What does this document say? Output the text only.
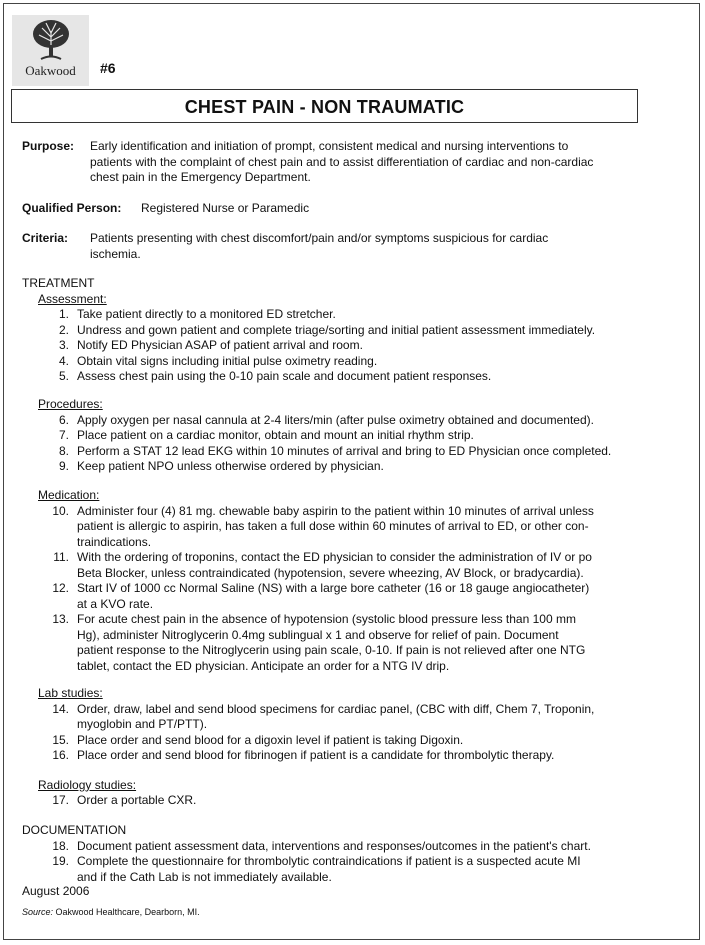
Oakwood	#6
CHEST PAIN - NON TRAUMATIC
Purpose: Early identification and initiation of prompt, consistent medical and nursing interventions to
patients with the complaint of chest pain and to assist differentiation of cardiac and non-cardiac
chest pain in the Emergency Department.
Qualified Person: Registered Nurse or Paramedic
Criteria: Patients presenting with chest discomfort/pain and/or symptoms suspicious for cardiac
ischemia.
TREATMENT
Assessment:
1. Take patient directly to a monitored ED stretcher.
2. Undress and gown patient and complete triage/sorting and initial patient assessment immediately.
3. Notify ED Physician ASAP of patient arrival and room.
4. Obtain vital signs including initial pulse oximetry reading.
5. Assess chest pain using the 0-10 pain scale and document patient responses.
Procedures:
6. Apply oxygen per nasal cannula at 2-4 liters/min (after pulse oximetry obtained and documented).
7. Place patient on a cardiac monitor, obtain and mount an initial rhythm strip.
8. Perform a STAT 12 lead EKG within 10 minutes of arrival and bring to ED Physician once completed.
9. Keep patient NPO unless otherwise ordered by physician.
Medication:
10. Administer four (4) 81 mg. chewable baby aspirin to the patient within 10 minutes of arrival unless
patient is allergic to aspirin, has taken a full dose within 60 minutes of arrival to ED, or other con-
traindications.
11. With the ordering of troponins, contact the ED physician to consider the administration of IV or po
Beta Blocker, unless contraindicated (hypotension, severe wheezing, AV Block, or bradycardia).
12. Start IV of 1000 cc Normal Saline (NS) with a large bore catheter (16 or 18 gauge angiocatheter)
at a KVO rate.
13. For acute chest pain in the absence of hypotension (systolic blood pressure less than 100 mm
Hg), administer Nitroglycerin 0.4mg sublingual x 1 and observe for relief of pain. Document
patient response to the Nitroglycerin using pain scale, 0-10. If pain is not relieved after one NTG
tablet, contact the ED physician. Anticipate an order for a NTG IV drip.
Lab studies:
14. Order, draw, label and send blood specimens for cardiac panel, (CBC with diff, Chem 7, Troponin,
myoglobin and PT/PTT).
15. Place order and send blood for a digoxin level if patient is taking Digoxin.
16. Place order and send blood for fibrinogen if patient is a candidate for thrombolytic therapy.
Radiology studies:
17. Order a portable CXR.
DOCUMENTATION
18. Document patient assessment data, interventions and responses/outcomes in the patient's chart.
19. Complete the questionnaire for thrombolytic contraindications if patient is a suspected acute MI
and if the Cath Lab is not immediately available.
August 2006
Source: Oakwood Healthcare, Dearborn, MI.
